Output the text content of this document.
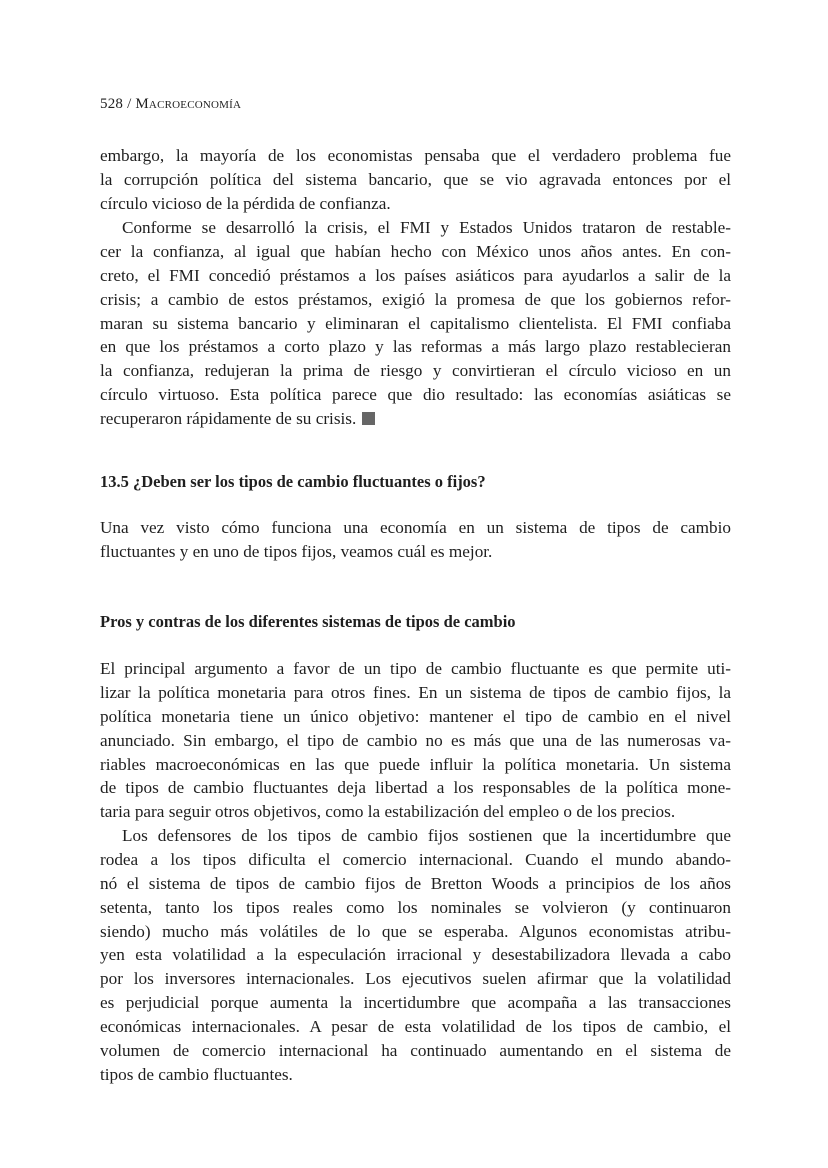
528 / Macroeconomía
embargo, la mayoría de los economistas pensaba que el verdadero problema fue
la corrupción política del sistema bancario, que se vio agravada entonces por el
círculo vicioso de la pérdida de confianza.
Conforme se desarrolló la crisis, el FMI y Estados Unidos trataron de restable-
cer la confianza, al igual que habían hecho con México unos años antes. En con-
creto, el FMI concedió préstamos a los países asiáticos para ayudarlos a salir de la
crisis; a cambio de estos préstamos, exigió la promesa de que los gobiernos refor-
maran su sistema bancario y eliminaran el capitalismo clientelista. El FMI confiaba
en que los préstamos a corto plazo y las reformas a más largo plazo restablecieran
la confianza, redujeran la prima de riesgo y convirtieran el círculo vicioso en un
círculo virtuoso. Esta política parece que dio resultado: las economías asiáticas se
recuperaron rápidamente de su crisis.
13.5 ¿Deben ser los tipos de cambio fluctuantes o fijos?
Una vez visto cómo funciona una economía en un sistema de tipos de cambio
fluctuantes y en uno de tipos fijos, veamos cuál es mejor.
Pros y contras de los diferentes sistemas de tipos de cambio
El principal argumento a favor de un tipo de cambio fluctuante es que permite uti-
lizar la política monetaria para otros fines. En un sistema de tipos de cambio fijos, la
política monetaria tiene un único objetivo: mantener el tipo de cambio en el nivel
anunciado. Sin embargo, el tipo de cambio no es más que una de las numerosas va-
riables macroeconómicas en las que puede influir la política monetaria. Un sistema
de tipos de cambio fluctuantes deja libertad a los responsables de la política mone-
taria para seguir otros objetivos, como la estabilización del empleo o de los precios.
Los defensores de los tipos de cambio fijos sostienen que la incertidumbre que
rodea a los tipos dificulta el comercio internacional. Cuando el mundo abando-
nó el sistema de tipos de cambio fijos de Bretton Woods a principios de los años
setenta, tanto los tipos reales como los nominales se volvieron (y continuaron
siendo) mucho más volátiles de lo que se esperaba. Algunos economistas atribu-
yen esta volatilidad a la especulación irracional y desestabilizadora llevada a cabo
por los inversores internacionales. Los ejecutivos suelen afirmar que la volatilidad
es perjudicial porque aumenta la incertidumbre que acompaña a las transacciones
económicas internacionales. A pesar de esta volatilidad de los tipos de cambio, el
volumen de comercio internacional ha continuado aumentando en el sistema de
tipos de cambio fluctuantes.
